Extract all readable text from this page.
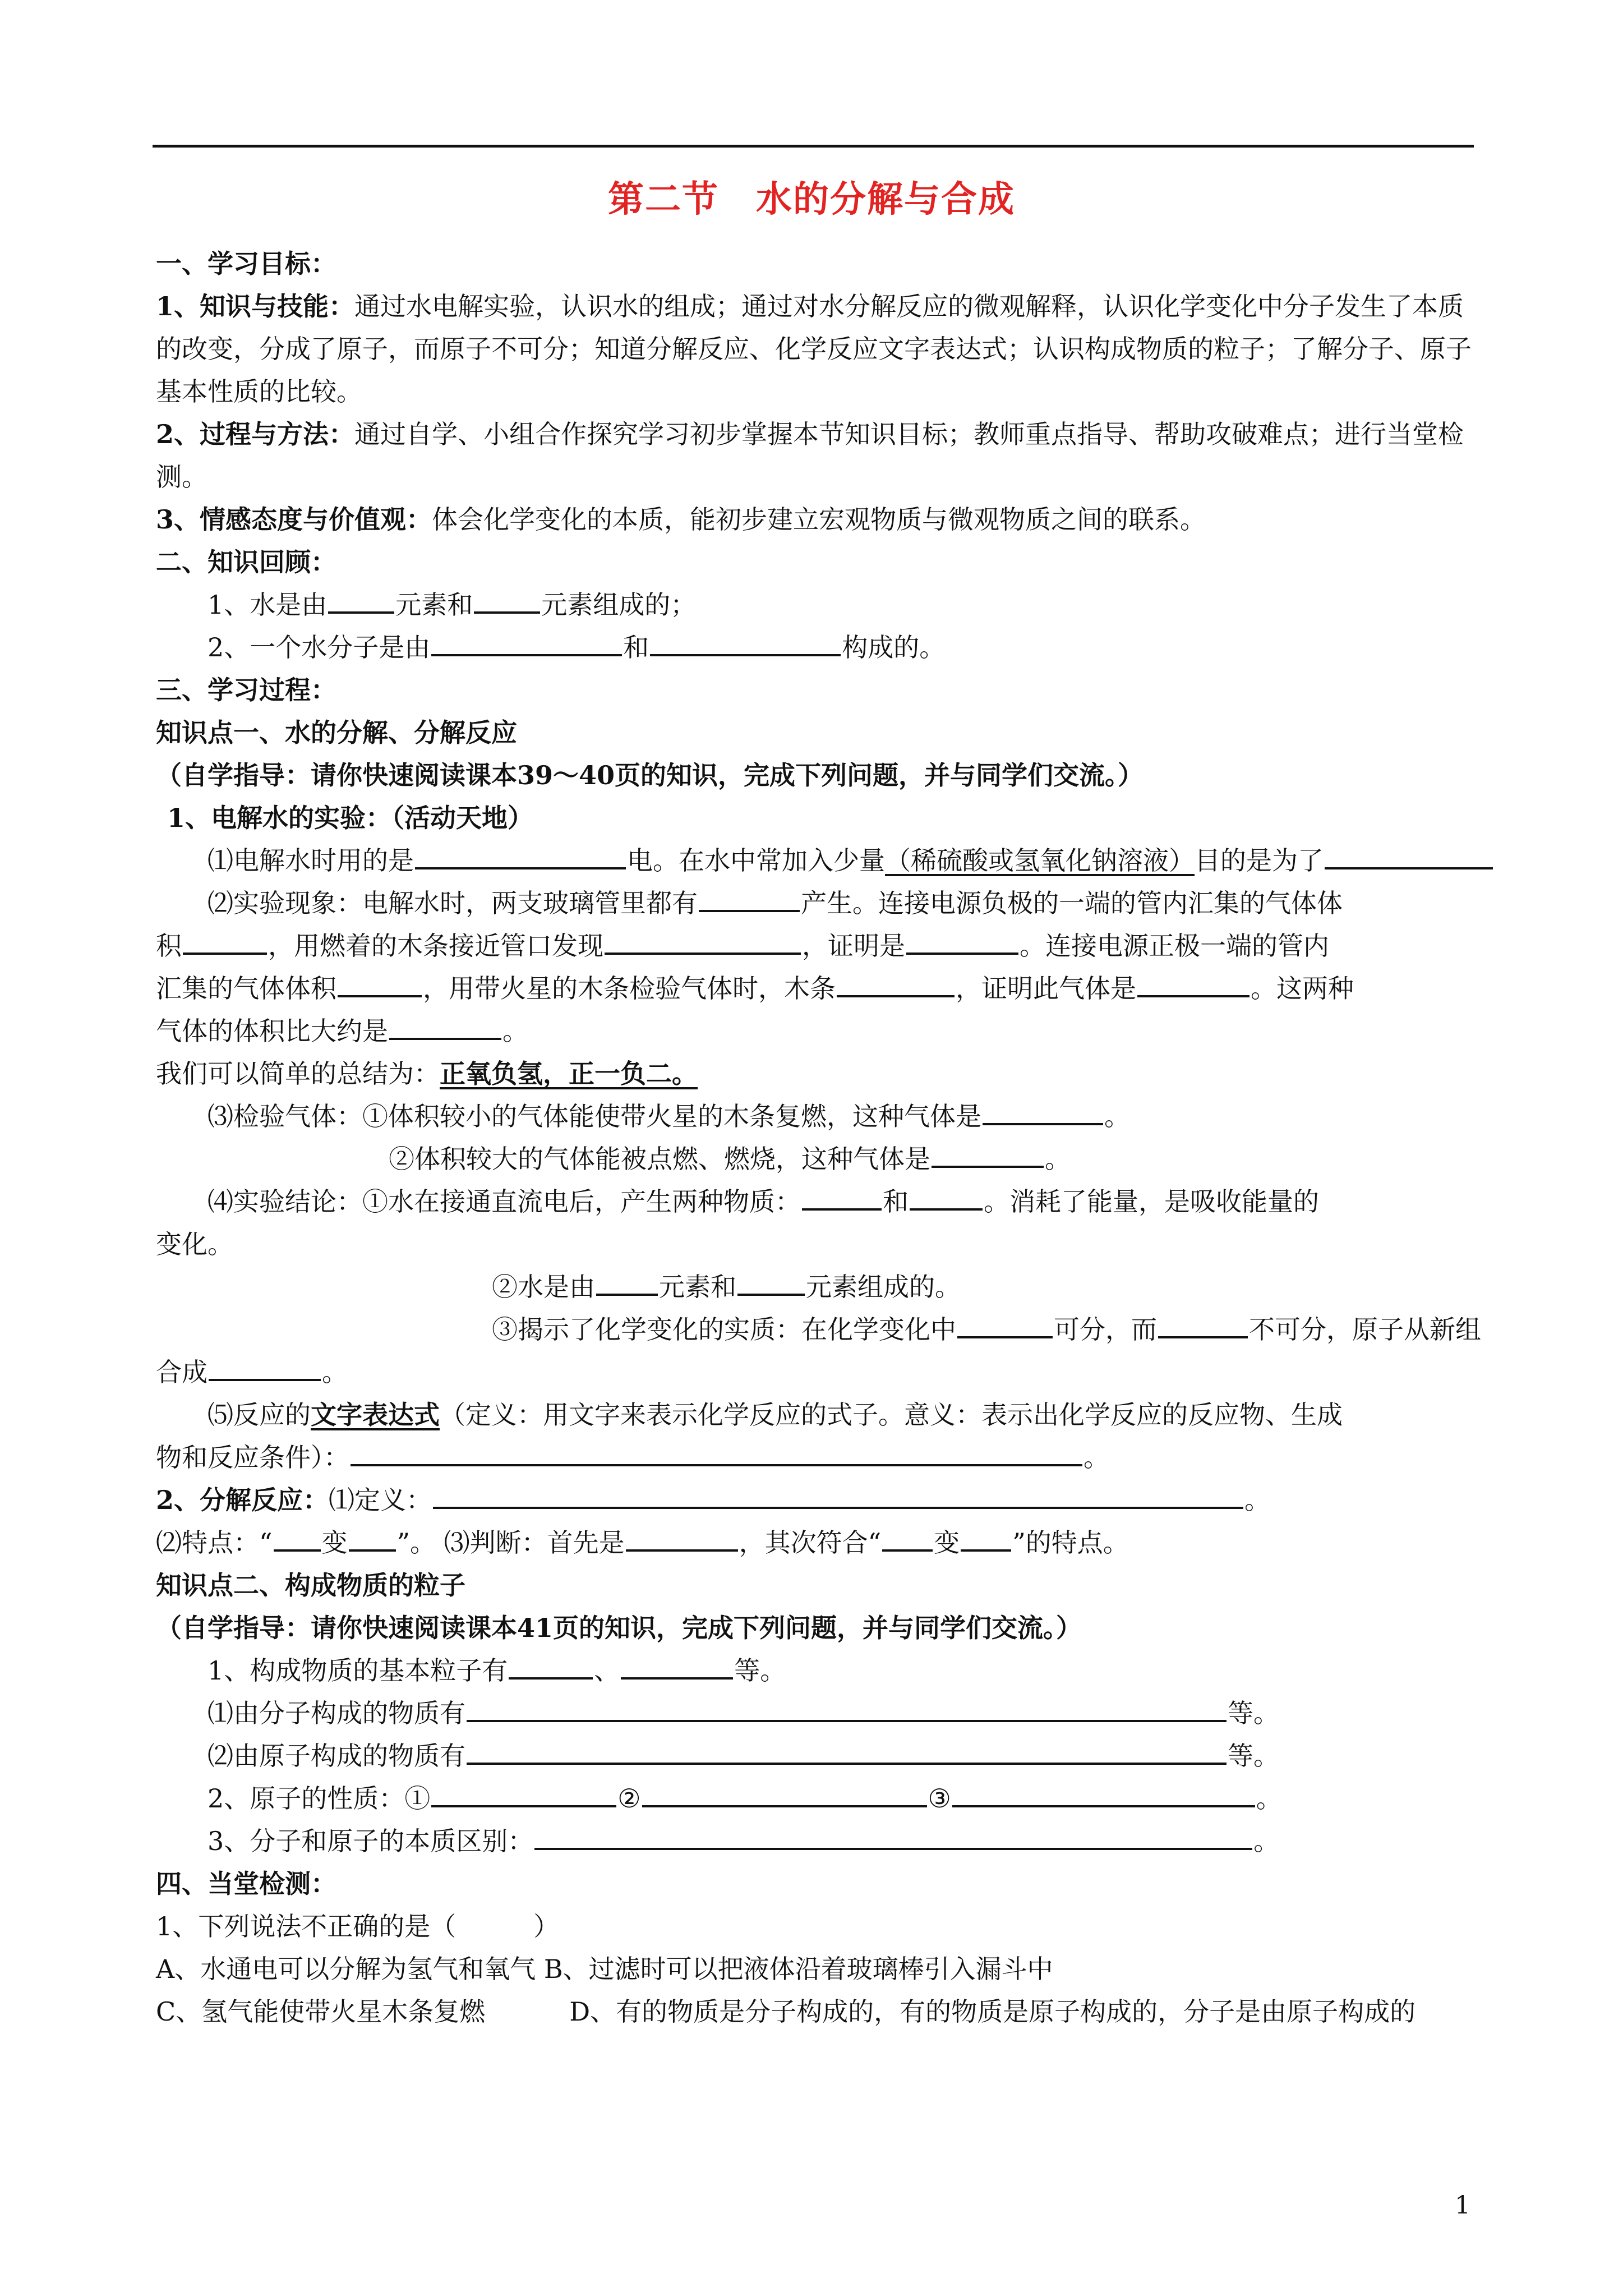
第二节　水的分解与合成

一、学习目标：

1、知识与技能：通过水电解实验，认识水的组成；通过对水分解反应的微观解释，认识化学变化中分子发生了本质的改变，分成了原子，而原子不可分；知道分解反应、化学反应文字表达式；认识构成物质的粒子；了解分子、原子基本性质的比较。

2、过程与方法：通过自学、小组合作探究学习初步掌握本节知识目标；教师重点指导、帮助攻破难点；进行当堂检测。

3、情感态度与价值观：体会化学变化的本质，能初步建立宏观物质与微观物质之间的联系。

二、知识回顾：

1、水是由	元素和	元素组成的；

2、一个水分子是由	和	构成的。

三、学习过程：

知识点一、水的分解、分解反应

（自学指导：请你快速阅读课本39～40页的知识，完成下列问题，并与同学们交流。）

1、电解水的实验：（活动天地）

⑴电解水时用的是	电。在水中常加入少量（稀硫酸或氢氧化钠溶液）目的是为了

⑵实验现象：电解水时，两支玻璃管里都有	产生。连接电源负极的一端的管内汇集的气体体

积	，用燃着的木条接近管口发现	，证明是	。连接电源正极一端的管内

汇集的气体体积	，用带火星的木条检验气体时，木条	，证明此气体是	。这两种

气体的体积比大约是	。

我们可以简单的总结为：正氧负氢，正一负二。

⑶检验气体：①体积较小的气体能使带火星的木条复燃，这种气体是	。

②体积较大的气体能被点燃、燃烧，这种气体是	。

⑷实验结论：①水在接通直流电后，产生两种物质：	和	。消耗了能量，是吸收能量的

变化。

②水是由 元素和	元素组成的。

③揭示了化学变化的实质：在化学变化中	可分，而	不可分，原子从新组

合成	。

⑸反应的文字表达式（定义：用文字来表示化学反应的式子。意义：表示出化学反应的反应物、生成

物和反应条件）：	。

2、分解反应：⑴定义：	。

⑵特点：“ 变 ”。 ⑶判断：首先是	，其次符合“ 变 ”的特点。

知识点二、构成物质的粒子

（自学指导：请你快速阅读课本41页的知识，完成下列问题，并与同学们交流。）

1、构成物质的基本粒子有	、	等。

⑴由分子构成的物质有	等。

⑵由原子构成的物质有	等。

2、原子的性质：①	②	③	。

3、分子和原子的本质区别：	。

四、当堂检测：

1、下列说法不正确的是（　　　）

A、水通电可以分解为氢气和氧气 B、过滤时可以把液体沿着玻璃棒引入漏斗中

C、氢气能使带火星木条复燃	D、有的物质是分子构成的，有的物质是原子构成的，分子是由原子构成的

1
